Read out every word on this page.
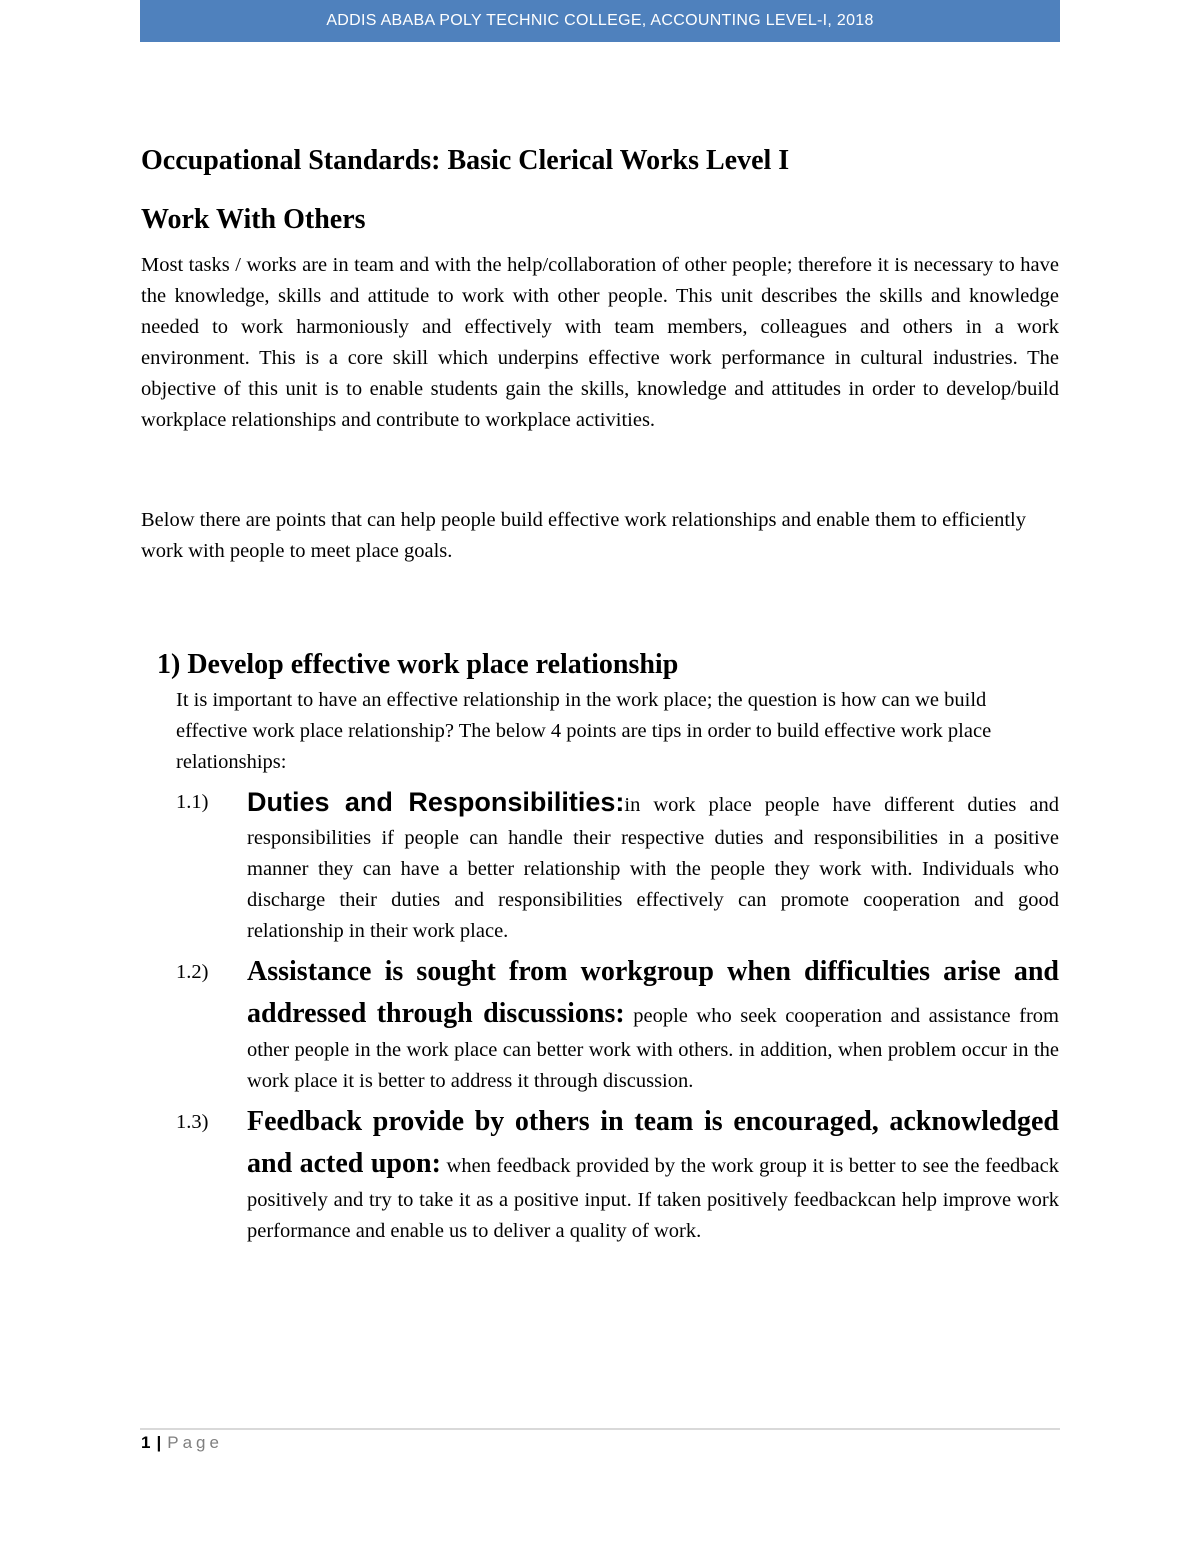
ADDIS ABABA POLY TECHNIC COLLEGE, ACCOUNTING LEVEL-I, 2018
Occupational Standards: Basic Clerical Works Level I
Work With Others

Most tasks / works are in team and with the help/collaboration of other people; therefore it is necessary to have the knowledge, skills and attitude to work with other people. This unit describes the skills and knowledge needed to work harmoniously and effectively with team members, colleagues and others in a work environment. This is a core skill which underpins effective work performance in cultural industries. The objective of this unit is to enable students gain the skills, knowledge and attitudes in order to develop/build workplace relationships and contribute to workplace activities.

Below there are points that can help people build effective work relationships and enable them to efficiently work with people to meet place goals.

1) Develop effective work place relationship

It is important to have an effective relationship in the work place; the question is how can we build effective work place relationship? The below 4 points are tips in order to build effective work place relationships:

1.1)	Duties and Responsibilities:in work place people have different duties and responsibilities if people can handle their respective duties and responsibilities in a positive manner they can have a better relationship with the people they work with. Individuals who discharge their duties and responsibilities effectively can promote cooperation and good relationship in their work place.
1.2)	Assistance is sought from workgroup when difficulties arise and addressed through discussions: people who seek cooperation and assistance from other people in the work place can better work with others. in addition, when problem occur in the work place it is better to address it through discussion.
1.3)	Feedback provide by others in team is encouraged, acknowledged and acted upon: when feedback provided by the work group it is better to see the feedback positively and try to take it as a positive input. If taken positively feedbackcan help improve work performance and enable us to deliver a quality of work.
1 | Page
